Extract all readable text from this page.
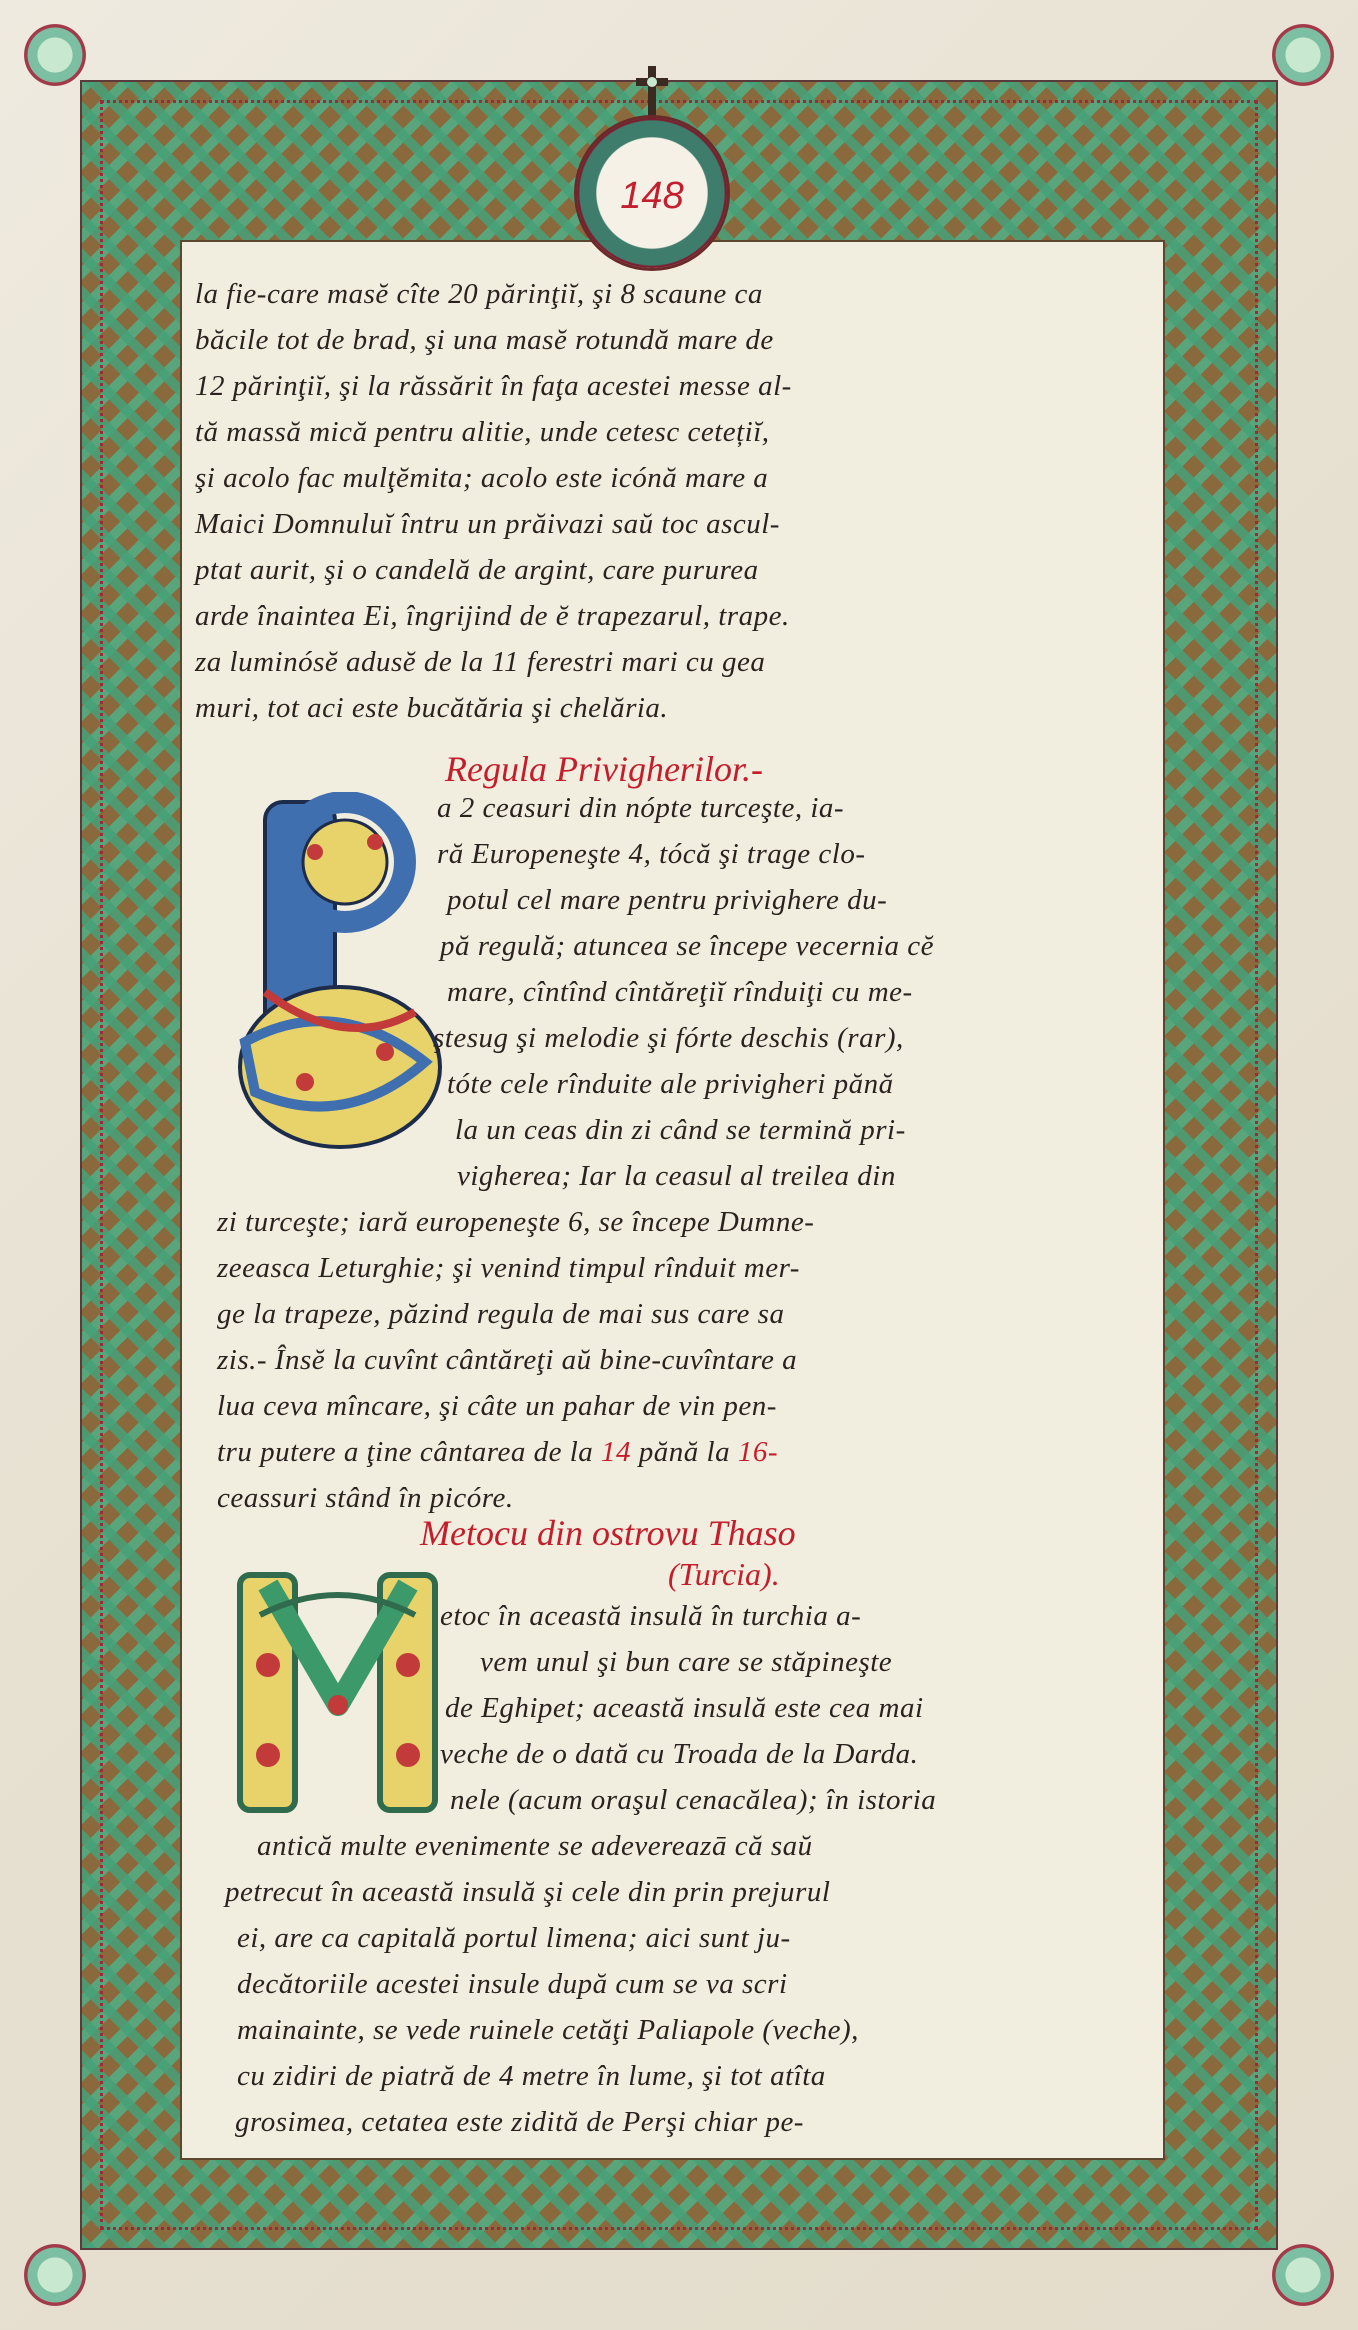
148
la fie-care masĕ cîte 20 părinţiĭ, şi 8 scaune ca
băcile tot de brad, şi una masĕ rotundă mare de
12 părinţiĭ, şi la răssărit în faţa acestei messe al-
tă massă mică pentru alitie, unde cetesc cetețiĭ,
şi acolo fac mulţĕmita; acolo este icónă mare a
Maici Domnuluĭ întru un prăivazi saŭ toc ascul-
ptat aurit, şi o candelă de argint, care pururea
arde înaintea Ei, îngrijind de ĕ trapezarul, trape.
za luminósĕ adusĕ de la 11 ferestri mari cu gea
muri, tot aci este bucătăria şi chelăria.
Regula Privigherilor.-
a 2 ceasuri din nópte turceşte, ia-
ră Europeneşte 4, tócă şi trage clo-
potul cel mare pentru privighere du-
pă regulă; atuncea se începe vecernia cĕ
mare, cîntînd cîntăreţiĭ rînduiţi cu me-
ştesug şi melodie şi fórte deschis (rar),
tóte cele rînduite ale privigheri pănă
la un ceas din zi când se termină pri-
vigherea; Iar la ceasul al treilea din
zi turceşte; iară europeneşte 6, se începe Dumne-
zeeasca Leturghie; şi venind timpul rînduit mer-
ge la trapeze, păzind regula de mai sus care sa
zis.- Însĕ la cuvînt cântăreţi aŭ bine-cuvîntare a
lua ceva mîncare, şi câte un pahar de vin pen-
tru putere a ţine cântarea de la 14 pănă la 16-
ceassuri stând în picóre.
Metocu din ostrovu Thaso
(Turcia).
etoc în această insulă în turchia a-
vem unul şi bun care se stăpineşte
de Eghipet; această insulă este cea mai
veche de o dată cu Troada de la Darda.
nele (acum oraşul cenacălea); în istoria
antică multe evenimente se adevereazā că saŭ
petrecut în această insulă şi cele din prin prejurul
ei, are ca capitală portul limena; aici sunt ju-
decătoriile acestei insule după cum se va scri
mainainte, se vede ruinele cetăţi Paliapole (veche),
cu zidiri de piatră de 4 metre în lume, şi tot atîta
grosimea, cetatea este zidită de Perşi chiar pe-
